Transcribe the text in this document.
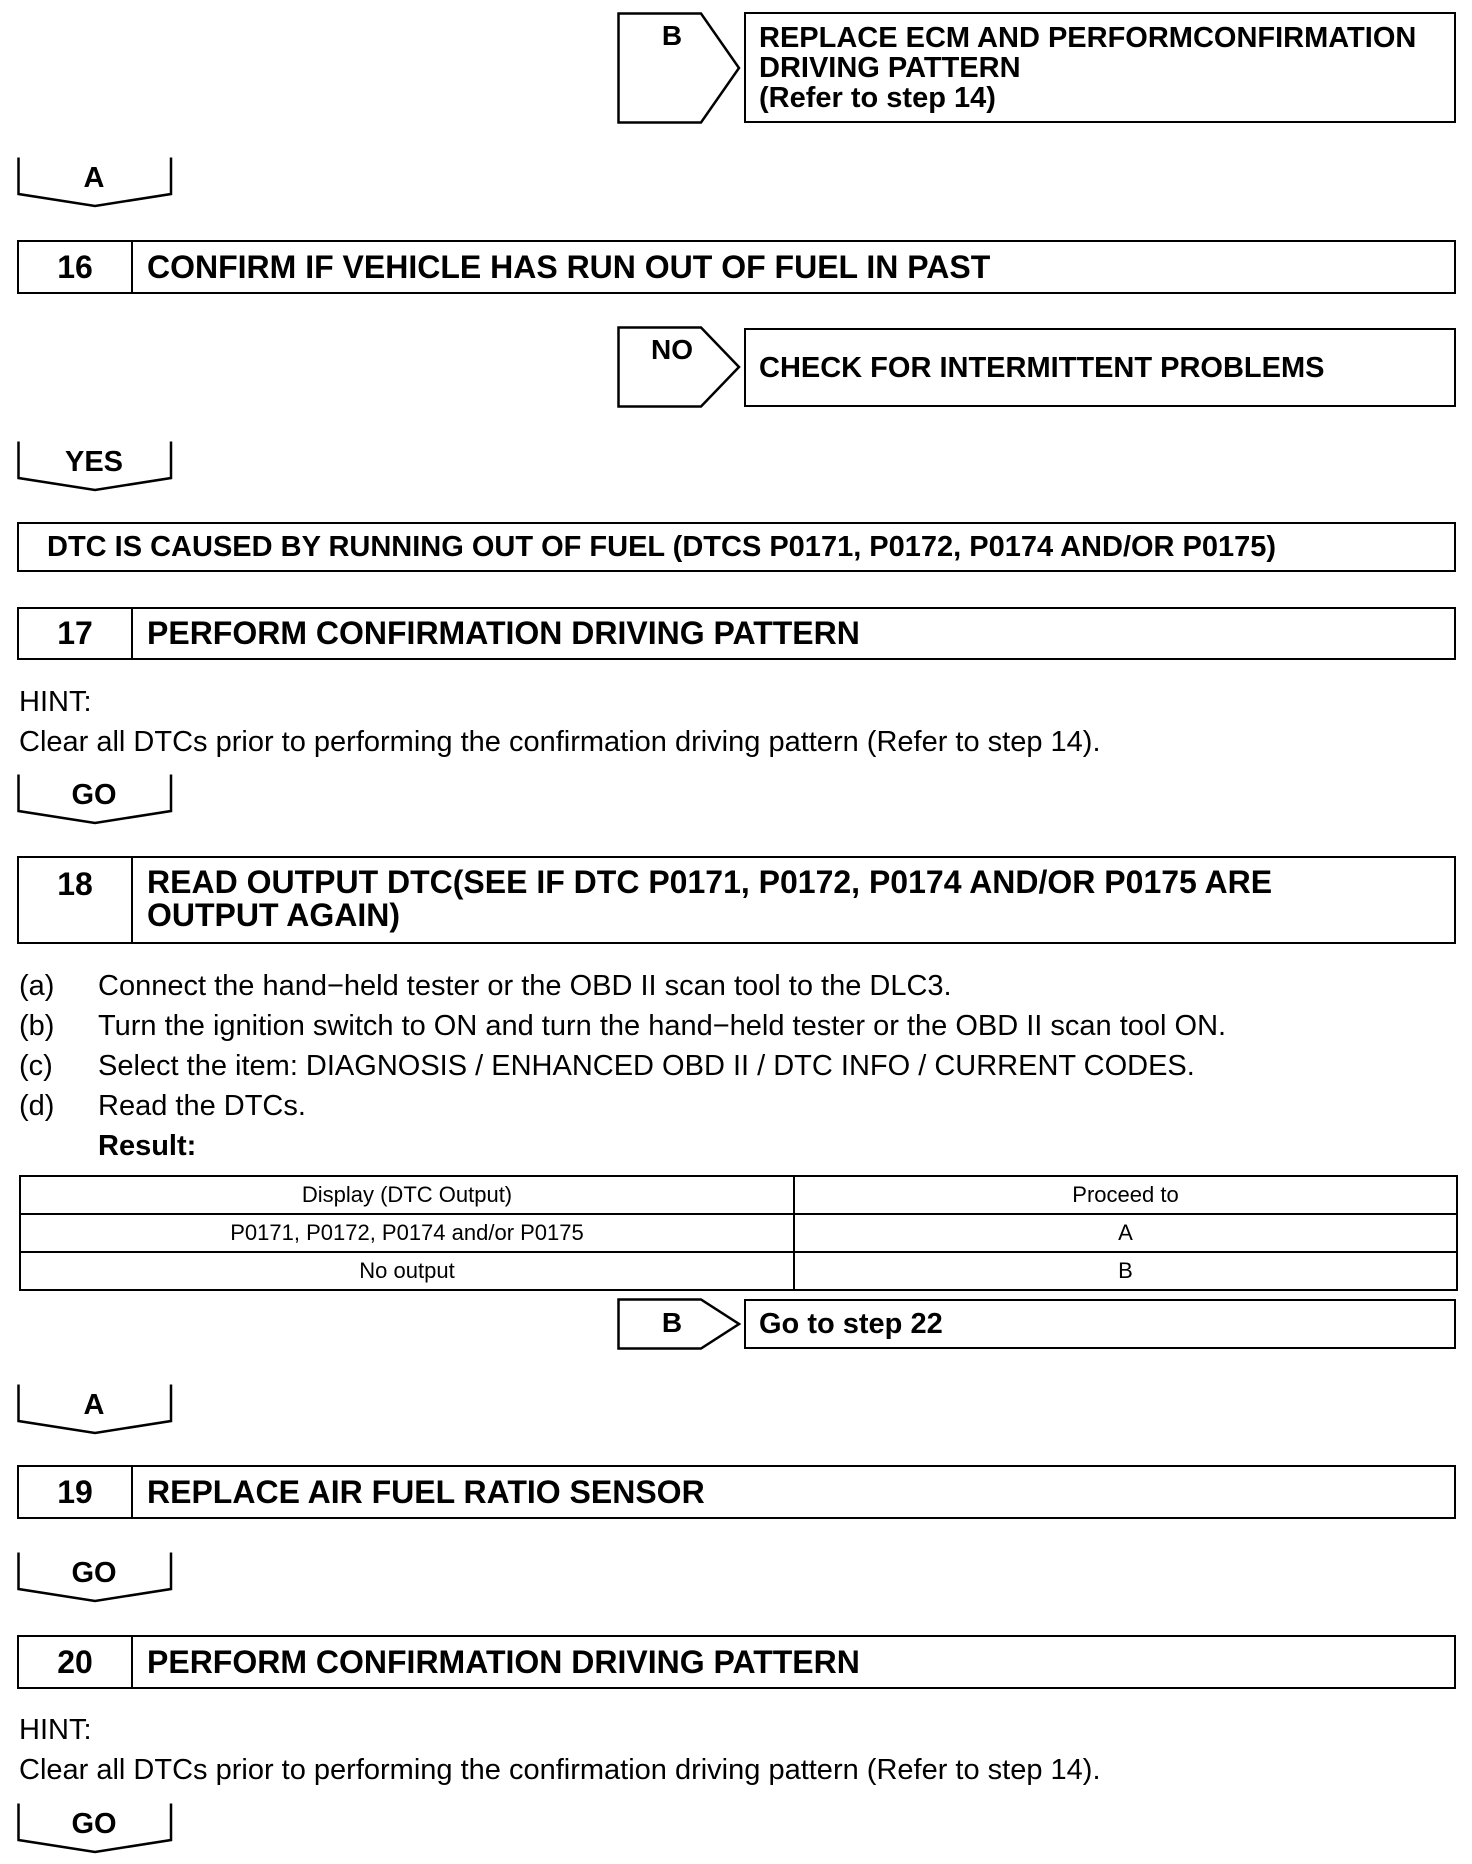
B	REPLACE ECM AND PERFORMCONFIRMATION
DRIVING PATTERN
(Refer to step 14)
A
16	CONFIRM IF VEHICLE HAS RUN OUT OF FUEL IN PAST
NO
CHECK FOR INTERMITTENT PROBLEMS
YES
DTC IS CAUSED BY RUNNING OUT OF FUEL (DTCS P0171, P0172, P0174 AND/OR P0175)
17	PERFORM CONFIRMATION DRIVING PATTERN
HINT:
Clear all DTCs prior to performing the confirmation driving pattern (Refer to step 14).
GO
18	READ OUTPUT DTC(SEE IF DTC P0171, P0172, P0174 AND/OR P0175 ARE
OUTPUT AGAIN)
(a) Connect the hand−held tester or the OBD II scan tool to the DLC3.
(b) Turn the ignition switch to ON and turn the hand−held tester or the OBD II scan tool ON.
(c) Select the item: DIAGNOSIS / ENHANCED OBD II / DTC INFO / CURRENT CODES.
(d) Read the DTCs.
Result:
Display (DTC Output)	Proceed to
P0171, P0172, P0174 and/or P0175	A
No output	B
B	Go to step 22
A
19	REPLACE AIR FUEL RATIO SENSOR
GO
20	PERFORM CONFIRMATION DRIVING PATTERN
HINT:
Clear all DTCs prior to performing the confirmation driving pattern (Refer to step 14).
GO
